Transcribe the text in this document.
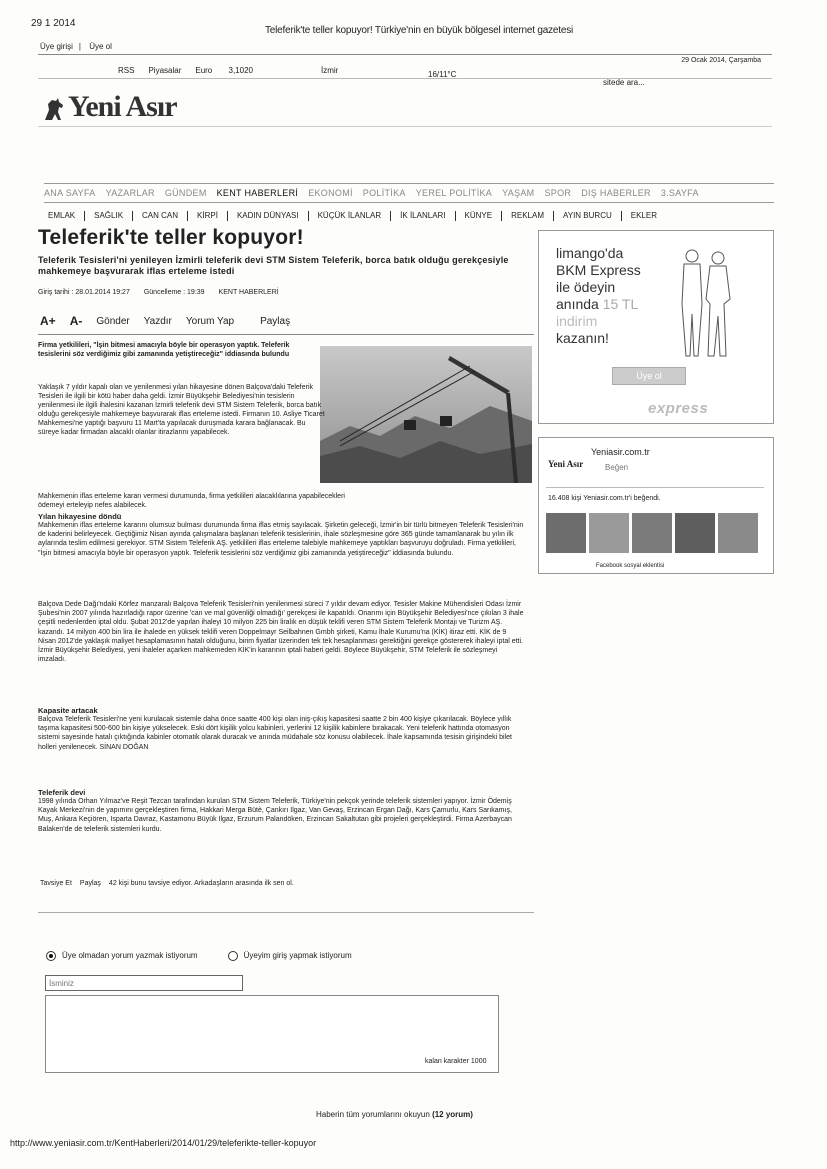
29 1 2014
Teleferik'te teller kopuyor! Türkiye'nin en büyük bölgesel internet gazetesi
Üye girişi | Üye ol
29 Ocak 2014, Çarşamba
RSS Piyasalar Euro 3,1020	İzmir	16/11°C
sitede ara...
Yeni Asır
ANA SAYFA YAZARLAR GÜNDEM KENT HABERLERİ EKONOMİ POLİTİKA YEREL POLİTİKA YAŞAM SPOR DIŞ HABERLER 3.SAYFA
EMLAK	SAĞLIK	CAN CAN	KİRPİ	KADIN DÜNYASI	KÜÇÜK İLANLAR	İK İLANLARI	KÜNYE	REKLAM	AYIN BURCU	EKLER
Teleferik'te teller kopuyor!
Teleferik Tesisleri'ni yenileyen İzmirli teleferik devi STM Sistem Teleferik, borca batık olduğu gerekçesiyle mahkemeye başvurarak iflas erteleme istedi
Giriş tarihi : 28.01.2014 19:27 Güncelleme : 19:39 KENT HABERLERİ
A+ A- Gönder Yazdır Yorum Yap	Paylaş
Firma yetkilileri, "İşin bitmesi amacıyla böyle bir operasyon yaptık. Teleferik tesislerini söz verdiğimiz gibi zamanında yetiştireceğiz" iddiasında bulundu
Yaklaşık 7 yıldır kapalı olan ve yenilenmesi yılan hikayesine dönen Balçova'daki Teleferik Tesisleri ile ilgili bir kötü haber daha geldi. İzmir Büyükşehir Belediyesi'nin tesislerin yenilenmesi ile ilgili ihalesini kazanan İzmirli teleferik devi STM Sistem Teleferik, borca batık olduğu gerekçesiyle mahkemeye başvurarak iflas erteleme istedi. Firmanın 10. Asliye Ticaret Mahkemesi'ne yaptığı başvuru 11 Mart'ta yapılacak duruşmada karara bağlanacak. Bu süreye kadar firmadan alacaklı olanlar itirazlarını yapabilecek.
Mahkemenin iflas erteleme kararı vermesi durumunda, firma yetkilileri alacaklılarına yapabilecekleri ödemeyi erteleyip nefes alabilecek.
Yılan hikayesine döndü
Mahkemenin iflas erteleme kararını olumsuz bulması durumunda firma iflas etmiş sayılacak. Şirketin geleceği, İzmir'in bir türlü bitmeyen Teleferik Tesisleri'nin de kaderini belirleyecek. Geçtiğimiz Nisan ayında çalışmalara başlanan teleferik tesislerinin, ihale sözleşmesine göre 365 günde tamamlanarak bu yılın ilk aylarında teslim edilmesi gerekiyor. STM Sistem Teleferik AŞ. yetkilileri iflas erteleme talebiyle mahkemeye yaptıkları başvuruyu doğruladı. Firma yetkilileri, "İşin bitmesi amacıyla böyle bir operasyon yaptık. Teleferik tesislerini söz verdiğimiz gibi zamanında yetiştireceğiz" iddiasında bulundu.
Balçova Dede Dağı'ndaki Körfez manzaralı Balçova Teleferik Tesisleri'nin yenilenmesi süreci 7 yıldır devam ediyor. Tesisler Makine Mühendisleri Odası İzmir Şubesi'nin 2007 yılında hazırladığı rapor üzerine 'can ve mal güvenliği olmadığı' gerekçesi ile kapatıldı. Onarımı için Büyükşehir Belediyesi'nce çıkılan 3 ihale çeşitli nedenlerden iptal oldu. Şubat 2012'de yapılan ihaleyi 10 milyon 225 bin liralık en düşük teklifi veren STM Sistem Teleferik Montajı ve Turizm AŞ. kazandı. 14 milyon 400 bin lira ile ihalede en yüksek teklifi veren Doppelmayr Seilbahnen Gmbh şirketi, Kamu İhale Kurumu'na (KİK) itiraz etti. KİK de 9 Nisan 2012'de yaklaşık maliyet hesaplamasının hatalı olduğunu, birim fiyatlar üzerinden tek tek hesaplanması gerektiğini gerekçe göstererek ihaleyi iptal etti. İzmir Büyükşehir Belediyesi, yeni ihaleler açarken mahkemeden KİK'in kararının iptali haberi geldi. Böylece Büyükşehir, STM Teleferik ile sözleşmeyi imzaladı.
Kapasite artacak
Balçova Teleferik Tesisleri'ne yeni kurulacak sistemle daha önce saatte 400 kişi olan iniş-çıkış kapasitesi saatte 2 bin 400 kişiye çıkarılacak. Böylece yıllık taşıma kapasitesi 500-600 bin kişiye yükselecek. Eski dört kişilik yolcu kabinleri, yerlerini 12 kişilik kabinlere bırakacak. Yeni teleferik hattında otomasyon sistemi sayesinde hatalı çıktığında kabinler otomatik olarak duracak ve anında müdahale söz konusu olabilecek. İhale kapsamında tesisin girişindeki bilet holleri yenilenecek. SİNAN DOĞAN
Teleferik devi
1998 yılında Orhan Yılmaz've Reşit Tezcan tarafından kurulan STM Sistem Teleferik, Türkiye'nin pekçok yerinde teleferik sistemleri yapıyor. İzmir Ödemiş Kayak Merkezi'nin de yapımını gerçekleştiren firma, Hakkari Merga Bütè, Çankırı Ilgaz, Van Gevaş, Erzincan Ergan Dağı, Kars Çamurlu, Kars Sarıkamış, Muş, Ankara Keçiören, Isparta Davraz, Kastamonu Büyük Ilgaz, Erzurum Palandöken, Erzincan Sakaltutan gibi projeleri gerçekleştirdi. Firma Azerbaycan Balaken'de de teleferik sistemleri kurdu.
Tavsiye Et Paylaş 42 kişi bunu tavsiye ediyor. Arkadaşların arasında ilk sen ol.
limango'da
BKM Express
ile ödeyin
anında 15 TL
indirim
kazanın!
Üye ol
express
Yeniasir.com.tr
Yeni Asır	Beğen
16.408 kişi Yeniasir.com.tr'i beğendi.
Facebook sosyal eklentisi
Üye olmadan yorum yazmak istiyorum	Üyeyim giriş yapmak istiyorum
İsminiz
kalan karakter 1000
Haberin tüm yorumlarını okuyun (12 yorum)
http://www.yeniasir.com.tr/KentHaberleri/2014/01/29/teleferikte-teller-kopuyor
